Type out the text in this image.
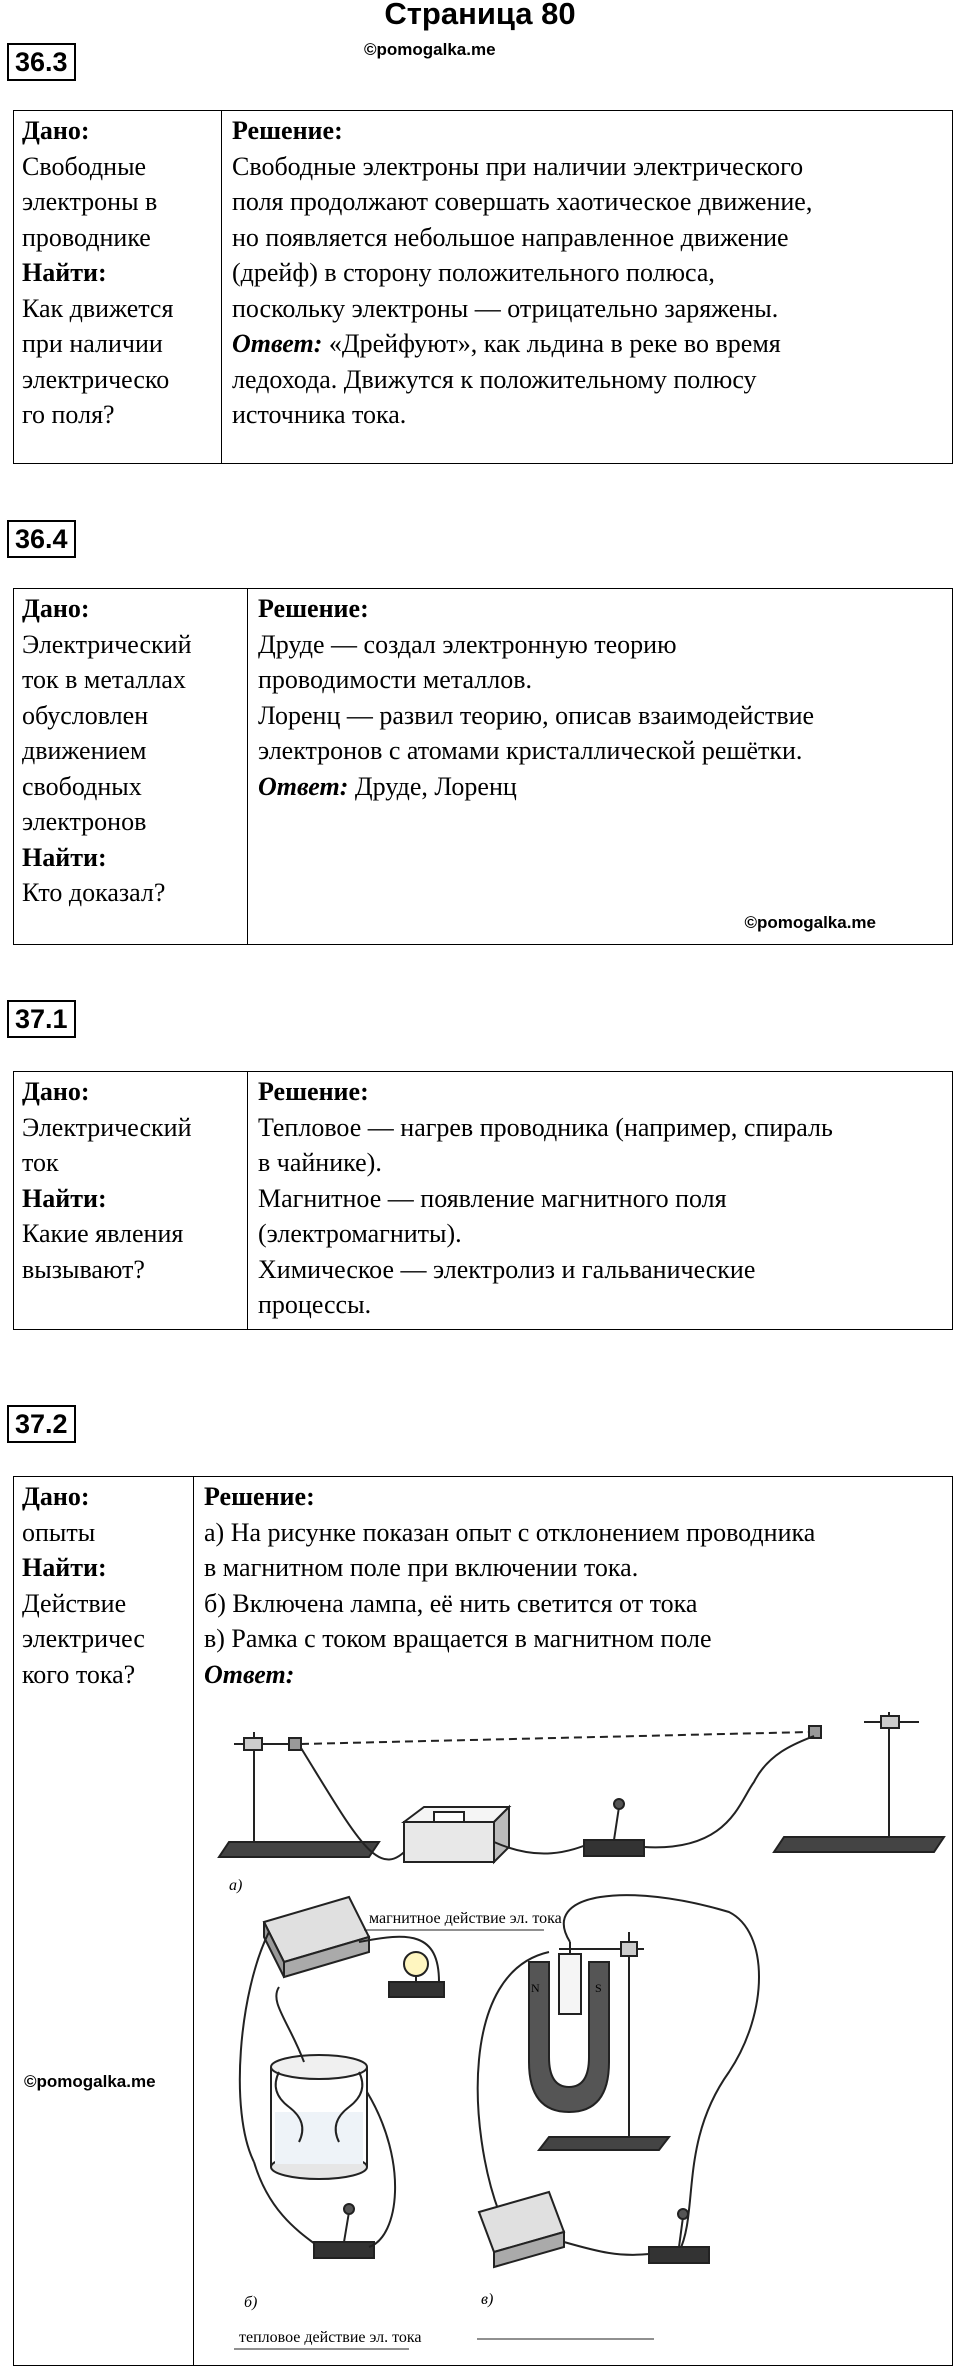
Страница 80
©pomogalka.me
36.3
Дано:
Свободные
электроны в
проводнике
Найти:
Как движется
при наличии
электрическо
го поля?
Решение:
Свободные электроны при наличии электрического
поля продолжают совершать хаотическое движение,
но появляется небольшое направленное движение
(дрейф) в сторону положительного полюса,
поскольку электроны — отрицательно заряжены.
Ответ: «Дрейфуют», как льдина в реке во время
ледохода. Движутся к положительному полюсу
источника тока.
36.4
Дано:
Электрический
ток в металлах
обусловлен
движением
свободных
электронов
Найти:
Кто доказал?
Решение:
Друде — создал электронную теорию
проводимости металлов.
Лоренц — развил теорию, описав взаимодействие
электронов с атомами кристаллической решётки.
Ответ: Друде, Лоренц
©pomogalka.me
37.1
Дано:
Электрический
ток
Найти:
Какие явления
вызывают?
Решение:
Тепловое — нагрев проводника (например, спираль
в чайнике).
Магнитное — появление магнитного поля
(электромагниты).
Химическое — электролиз и гальванические
процессы.
37.2
Дано:
опыты
Найти:
Действие
электричес
кого тока?
©pomogalka.me
Решение:
а) На рисунке показан опыт с отклонением проводника
в магнитном поле при включении тока.
б) Включена лампа, её нить светится от тока
в) Рамка с током вращается в магнитном поле
Ответ:
N	S
а)
магнитное действие эл. тока
б)
тепловое действие эл. тока
в)
